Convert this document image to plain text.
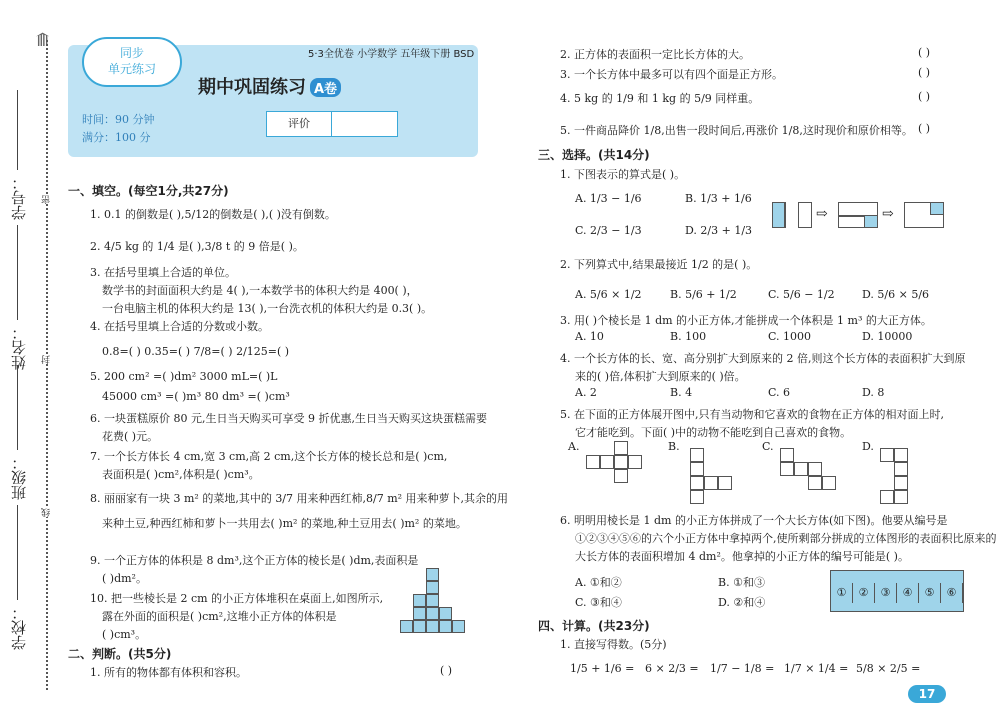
⟰
密
封
线
学号：
姓名：
班级：
学校：
同步
单元练习
5·3全优卷 小学数学 五年级下册 BSD
期中巩固练习 A卷
时间：90 分钟
满分：100 分
评价
一、填空。(每空1分,共27分)
1. 0.1 的倒数是( ),5/12的倒数是( ),( )没有倒数。
2. 4/5 kg 的 1/4 是( ),3/8 t 的 9 倍是( )。
3. 在括号里填上合适的单位。
数学书的封面面积大约是 4( ),一本数学书的体积大约是 400( )，
一台电脑主机的体积大约是 13( ),一台洗衣机的体积大约是 0.3( )。
4. 在括号里填上合适的分数或小数。
0.8=( ) 0.35=( ) 7/8=( ) 2/125=( )
5. 200 cm² =( )dm² 3000 mL=( )L
45000 cm³ =( )m³ 80 dm³ =( )cm³
6. 一块蛋糕原价 80 元,生日当天购买可享受 9 折优惠,生日当天购买这块蛋糕需要
花费( )元。
7. 一个长方体长 4 cm,宽 3 cm,高 2 cm,这个长方体的棱长总和是( )cm,
表面积是( )cm²,体积是( )cm³。
8. 丽丽家有一块 3 m² 的菜地,其中的 3/7 用来种西红柿,8/7 m² 用来种萝卜,其余的用
来种土豆,种西红柿和萝卜一共用去( )m² 的菜地,种土豆用去( )m² 的菜地。
9. 一个正方体的体积是 8 dm³,这个正方体的棱长是( )dm,表面积是
( )dm²。
10. 把一些棱长是 2 cm 的小正方体堆积在桌面上,如图所示,
露在外面的面积是( )cm²,这堆小正方体的体积是
( )cm³。
二、判断。(共5分)
1. 所有的物体都有体积和容积。	( )
2. 正方体的表面积一定比长方体的大。	( )
3. 一个长方体中最多可以有四个面是正方形。	( )
4. 5 kg 的 1/9 和 1 kg 的 5/9 同样重。	( )
5. 一件商品降价 1/8,出售一段时间后,再涨价 1/8,这时现价和原价相等。 ( )
三、选择。(共14分)
1. 下图表示的算式是( )。
A. 1/3 − 1/6	B. 1/3 + 1/6
C. 2/3 − 1/3	D. 2/3 + 1/3
⇨	⇨
2. 下列算式中,结果最接近 1/2 的是( )。
A. 5/6 × 1/2	B. 5/6 + 1/2	C. 5/6 − 1/2 D. 5/6 × 5/6
3. 用( )个棱长是 1 dm 的小正方体,才能拼成一个体积是 1 m³ 的大正方体。
A. 10	B. 100	C. 1000	D. 10000
4. 一个长方体的长、宽、高分别扩大到原来的 2 倍,则这个长方体的表面积扩大到原
来的( )倍,体积扩大到原来的( )倍。
A. 2	B. 4	C. 6	D. 8
5. 在下面的正方体展开图中,只有当动物和它喜欢的食物在正方体的相对面上时,
它才能吃到。下面( )中的动物不能吃到自己喜欢的食物。
A.	B.	C.	D.
6. 明明用棱长是 1 dm 的小正方体拼成了一个大长方体(如下图)。他要从编号是
①②③④⑤⑥的六个小正方体中拿掉两个,使所剩部分拼成的立体图形的表面积比原来的
大长方体的表面积增加 4 dm²。他拿掉的小正方体的编号可能是( )。
A. ①和②	B. ①和③
C. ③和④	D. ②和④
① ② ③ ④ ⑤ ⑥
四、计算。(共23分)
1. 直接写得数。(5分)
1/5 + 1/6 = 6 × 2/3 = 1/7 − 1/8 = 1/7 × 1/4 = 5/8 × 2/5 =
17
